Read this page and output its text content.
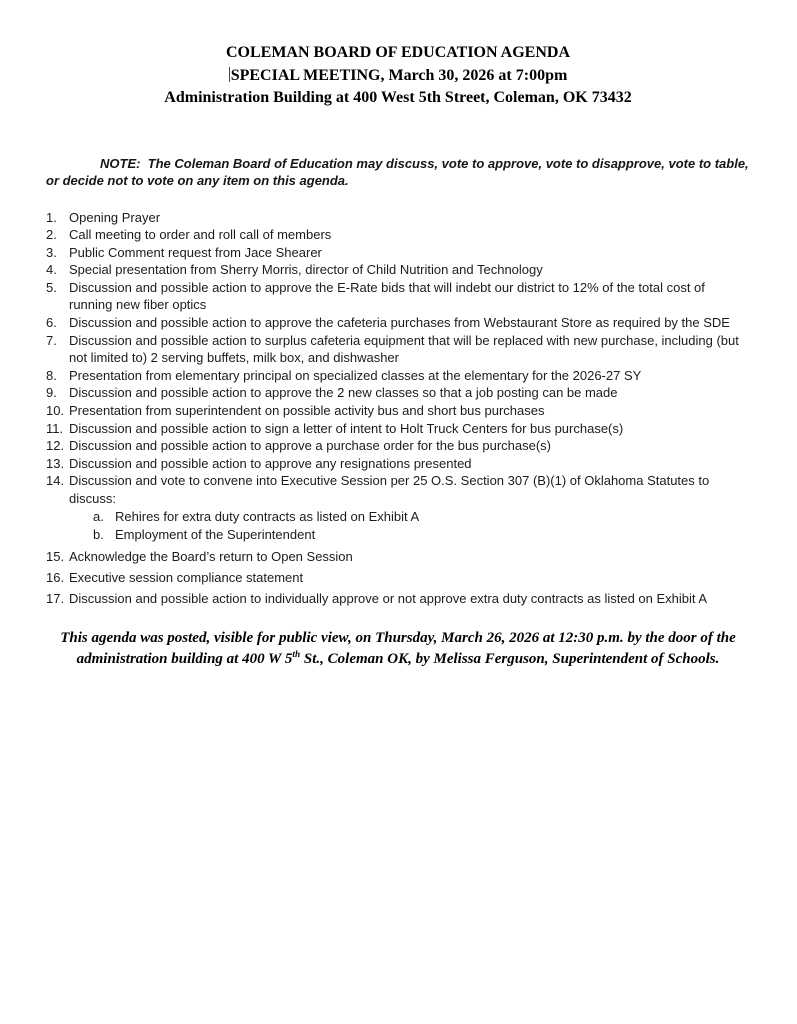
COLEMAN BOARD OF EDUCATION AGENDA
SPECIAL MEETING, March 30, 2026 at 7:00pm
Administration Building at 400 West 5th Street, Coleman, OK 73432

NOTE:  The Coleman Board of Education may discuss, vote to approve, vote to disapprove, vote to table, or decide not to vote on any item on this agenda.

1. Opening Prayer
2. Call meeting to order and roll call of members
3. Public Comment request from Jace Shearer
4. Special presentation from Sherry Morris, director of Child Nutrition and Technology
5. Discussion and possible action to approve the E-Rate bids that will indebt our district to 12% of the total cost of running new fiber optics
6. Discussion and possible action to approve the cafeteria purchases from Webstaurant Store as required by the SDE
7. Discussion and possible action to surplus cafeteria equipment that will be replaced with new purchase, including (but not limited to) 2 serving buffets, milk box, and dishwasher
8. Presentation from elementary principal on specialized classes at the elementary for the 2026-27 SY
9. Discussion and possible action to approve the 2 new classes so that a job posting can be made
10. Presentation from superintendent on possible activity bus and short bus purchases
11. Discussion and possible action to sign a letter of intent to Holt Truck Centers for bus purchase(s)
12. Discussion and possible action to approve a purchase order for the bus purchase(s)
13. Discussion and possible action to approve any resignations presented
14. Discussion and vote to convene into Executive Session per 25 O.S. Section 307 (B)(1) of Oklahoma Statutes to discuss:
a. Rehires for extra duty contracts as listed on Exhibit A
b. Employment of the Superintendent
15. Acknowledge the Board’s return to Open Session
16. Executive session compliance statement
17. Discussion and possible action to individually approve or not approve extra duty contracts as listed on Exhibit A
This agenda was posted, visible for public view, on Thursday, March 26, 2026 at 12:30 p.m. by the door of the administration building at 400 W 5th St., Coleman OK, by Melissa Ferguson, Superintendent of Schools.
